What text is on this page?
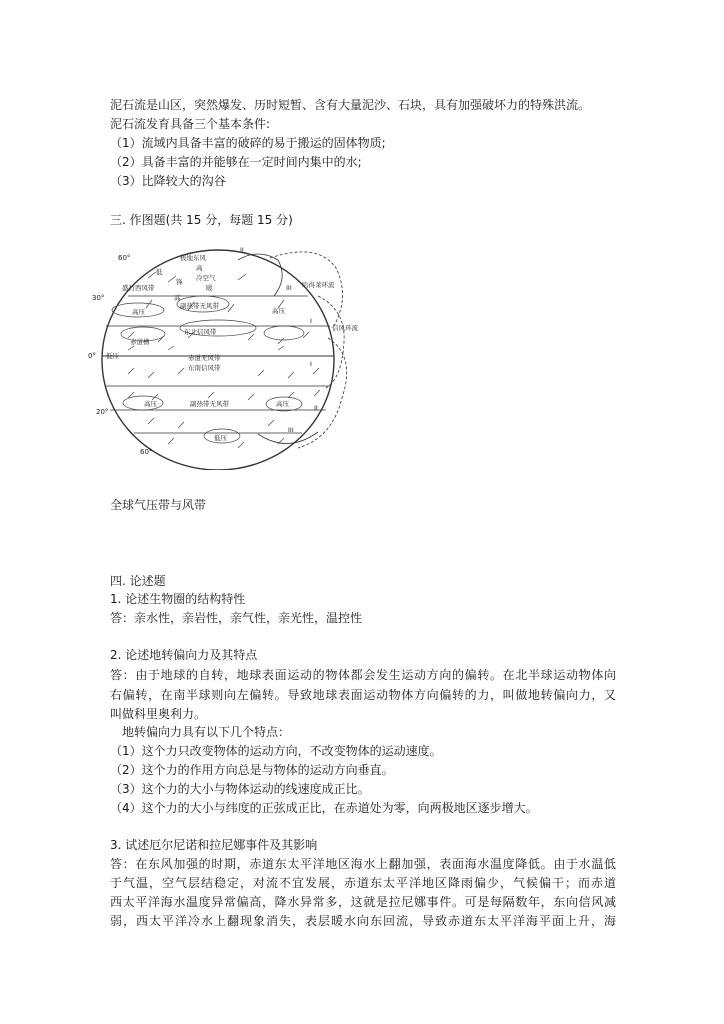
泥石流是山区，突然爆发、历时短暂、含有大量泥沙、石块，具有加强破坏力的特殊洪流。
泥石流发育具备三个基本条件:
（1）流域内具备丰富的破碎的易于搬运的固体物质;
（2）具备丰富的并能够在一定时间内集中的水;
（3）比降较大的沟谷
三. 作图题(共 15 分，每题 15 分)
60°
30°
0°
20°
60°
极地东风
II
低	高
冷空气
锋
暖
盛行西风带
高
副热带无风带
高压	高压
东北信风带
赤道槽
赤道无风带
东南信风带
低压
高压	副热带无风带	高压
低压
哈得莱环流
III
I
信风环流
I
II
III
全球气压带与风带
四. 论述题
1. 论述生物圈的结构特性
答：亲水性，亲岩性，亲气性，亲光性，温控性
2. 论述地转偏向力及其特点
答：由于地球的自转，地球表面运动的物体都会发生运动方向的偏转。在北半球运动物体向
右偏转，在南半球则向左偏转。导致地球表面运动物体方向偏转的力，叫做地转偏向力，又
叫做科里奥利力。
地转偏向力具有以下几个特点：
（1）这个力只改变物体的运动方向，不改变物体的运动速度。
（2）这个力的作用方向总是与物体的运动方向垂直。
（3）这个力的大小与物体运动的线速度成正比。
（4）这个力的大小与纬度的正弦成正比，在赤道处为零，向两极地区逐步增大。
3. 试述厄尔尼诺和拉尼娜事件及其影响
答：在东风加强的时期，赤道东太平洋地区海水上翻加强，表面海水温度降低。由于水温低
于气温，空气层结稳定，对流不宜发展，赤道东太平洋地区降雨偏少，气候偏干；而赤道
西太平洋海水温度异常偏高，降水异常多，这就是拉尼娜事件。可是每隔数年，东向信风减
弱，西太平洋冷水上翻现象消失，表层暖水向东回流，导致赤道东太平洋海平面上升，海
